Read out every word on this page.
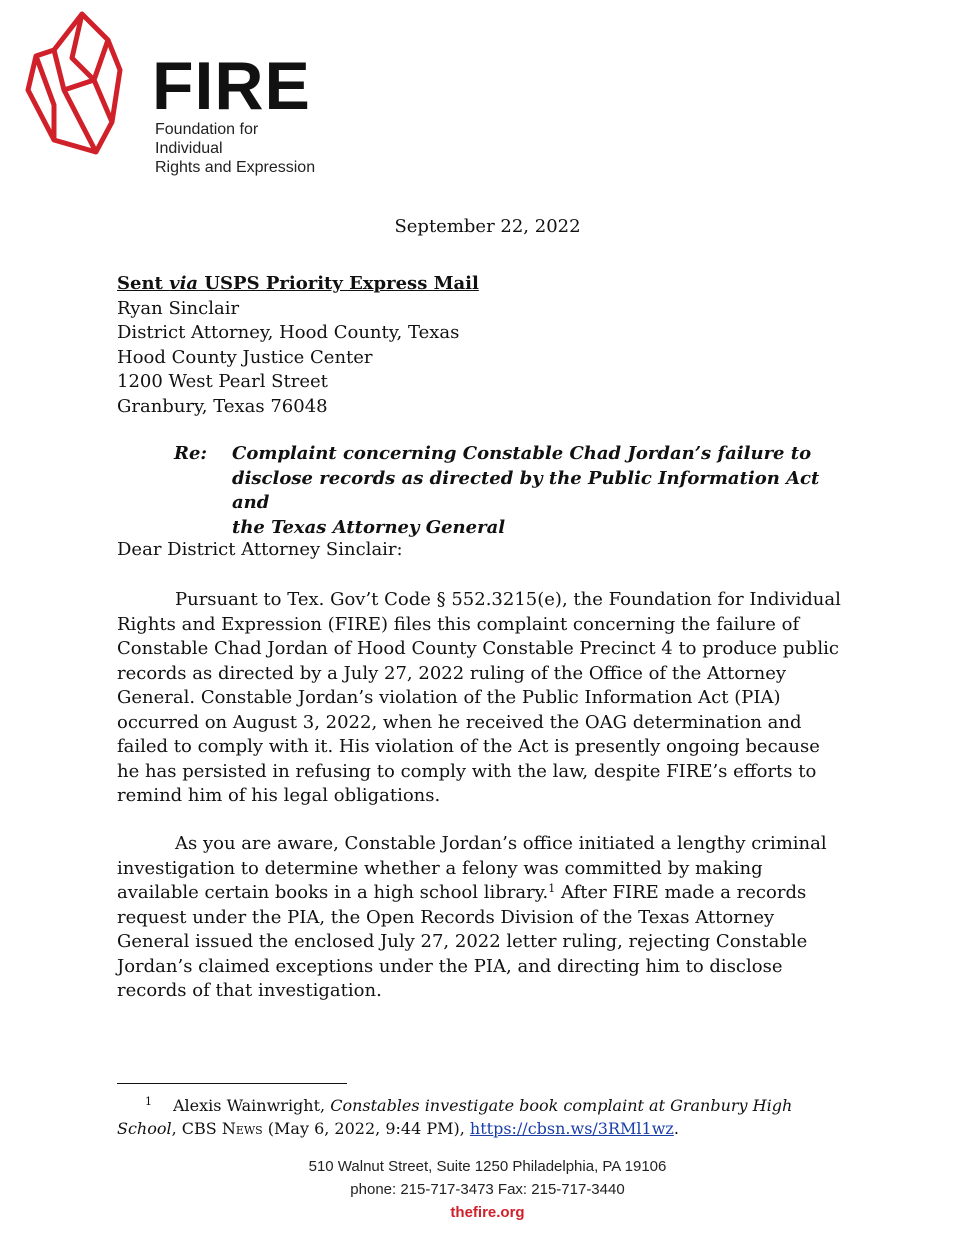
FIRE
Foundation for Individual
Rights and Expression
September 22, 2022
Sent via USPS Priority Express Mail
Ryan Sinclair
District Attorney, Hood County, Texas
Hood County Justice Center
1200 West Pearl Street
Granbury, Texas 76048
Re: Complaint concerning Constable Chad Jordan’s failure to
disclose records as directed by the Public Information Act and
the Texas Attorney General
Dear District Attorney Sinclair:
Pursuant to Tex. Gov’t Code § 552.3215(e), the Foundation for Individual
Rights and Expression (FIRE) files this complaint concerning the failure of
Constable Chad Jordan of Hood County Constable Precinct 4 to produce public
records as directed by a July 27, 2022 ruling of the Office of the Attorney
General. Constable Jordan’s violation of the Public Information Act (PIA)
occurred on August 3, 2022, when he received the OAG determination and
failed to comply with it. His violation of the Act is presently ongoing because
he has persisted in refusing to comply with the law, despite FIRE’s efforts to
remind him of his legal obligations.
As you are aware, Constable Jordan’s office initiated a lengthy criminal
investigation to determine whether a felony was committed by making
available certain books in a high school library.$^1$ After FIRE made a records
request under the PIA, the Open Records Division of the Texas Attorney
General issued the enclosed July 27, 2022 letter ruling, rejecting Constable
Jordan’s claimed exceptions under the PIA, and directing him to disclose
records of that investigation.
1 Alexis Wainwright, Constables investigate book complaint at Granbury High
School, CBS News (May 6, 2022, 9:44 PM), https://cbsn.ws/3RMl1wz.
510 Walnut Street, Suite 1250 Philadelphia, PA 19106
phone: 215-717-3473 Fax: 215-717-3440
thefire.org
